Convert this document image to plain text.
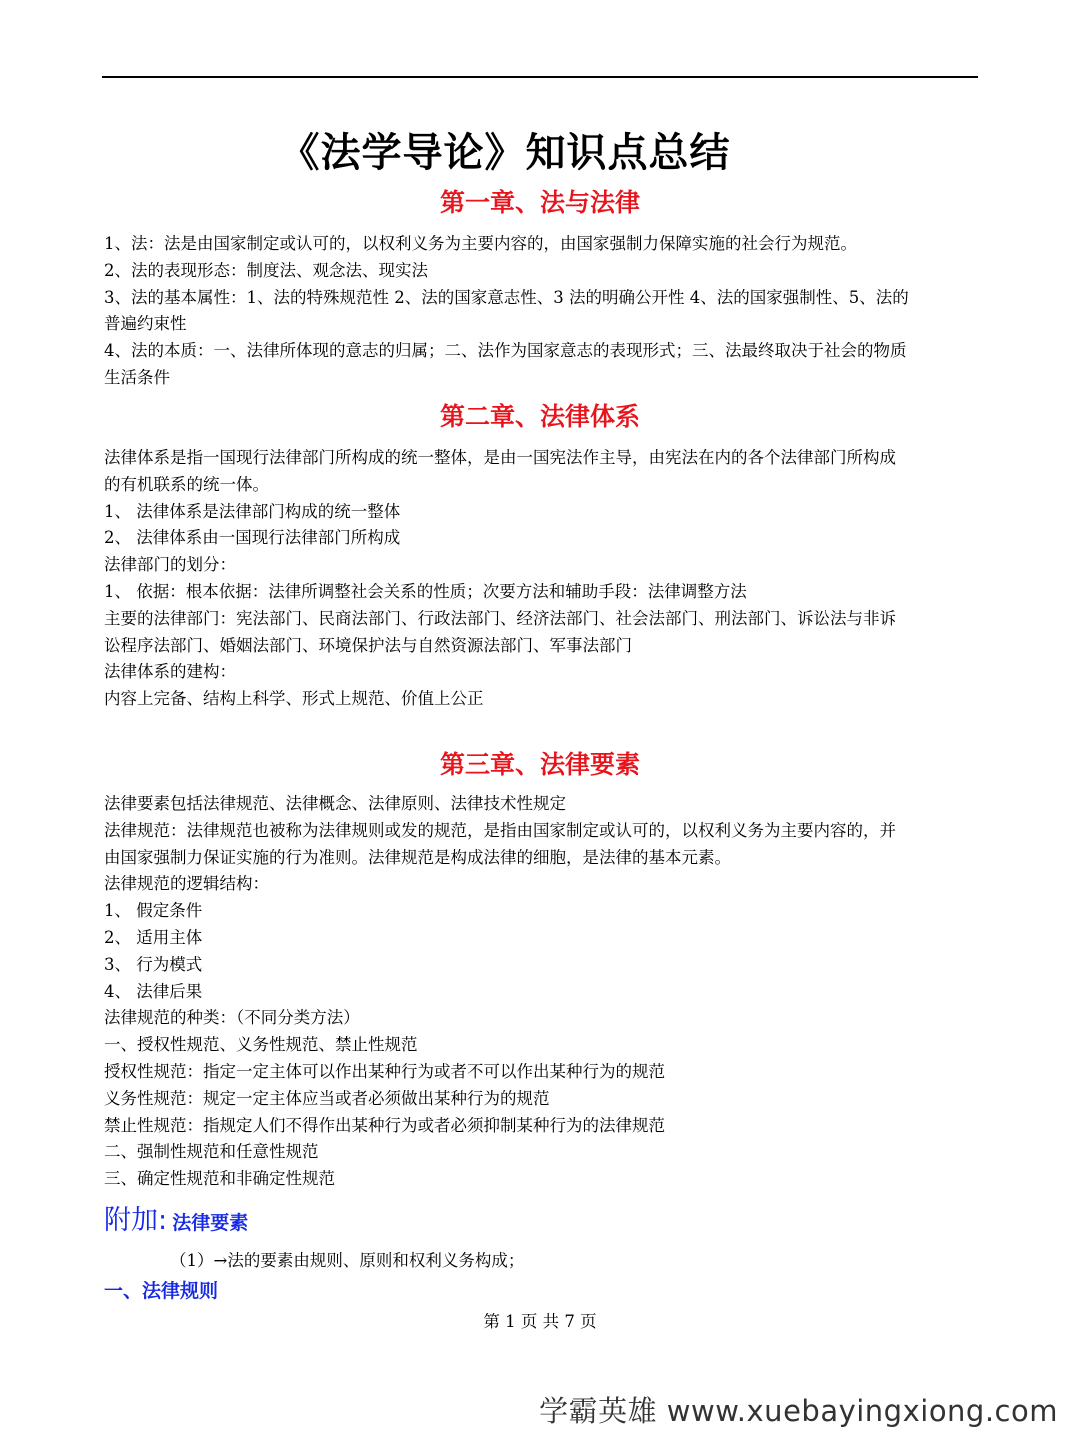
《法学导论》知识点总结
第一章、法与法律

1、法：法是由国家制定或认可的，以权利义务为主要内容的，由国家强制力保障实施的社会行为规范。

2、法的表现形态：制度法、观念法、现实法

3、法的基本属性：1、法的特殊规范性 2、法的国家意志性、3 法的明确公开性 4、法的国家强制性、5、法的

普遍约束性

4、法的本质：一、法律所体现的意志的归属；二、法作为国家意志的表现形式；三、法最终取决于社会的物质

生活条件

第二章、法律体系

法律体系是指一国现行法律部门所构成的统一整体，是由一国宪法作主导，由宪法在内的各个法律部门所构成

的有机联系的统一体。

1、 法律体系是法律部门构成的统一整体

2、 法律体系由一国现行法律部门所构成

法律部门的划分：

1、 依据：根本依据：法律所调整社会关系的性质；次要方法和辅助手段：法律调整方法

主要的法律部门：宪法部门、民商法部门、行政法部门、经济法部门、社会法部门、刑法部门、诉讼法与非诉

讼程序法部门、婚姻法部门、环境保护法与自然资源法部门、军事法部门

法律体系的建构：

内容上完备、结构上科学、形式上规范、价值上公正

第三章、法律要素

法律要素包括法律规范、法律概念、法律原则、法律技术性规定

法律规范：法律规范也被称为法律规则或发的规范，是指由国家制定或认可的，以权利义务为主要内容的，并

由国家强制力保证实施的行为准则。法律规范是构成法律的细胞，是法律的基本元素。

法律规范的逻辑结构：

1、 假定条件

2、 适用主体

3、 行为模式

4、 法律后果

法律规范的种类：（不同分类方法）

一、授权性规范、义务性规范、禁止性规范

授权性规范：指定一定主体可以作出某种行为或者不可以作出某种行为的规范

义务性规范：规定一定主体应当或者必须做出某种行为的规范

禁止性规范：指规定人们不得作出某种行为或者必须抑制某种行为的法律规范

二、强制性规范和任意性规范

三、确定性规范和非确定性规范

附加: 法律要素
（1）→法的要素由规则、原则和权利义务构成；
一、法律规则
第 1 页 共 7 页
学霸英雄 www.xuebayingxiong.com
